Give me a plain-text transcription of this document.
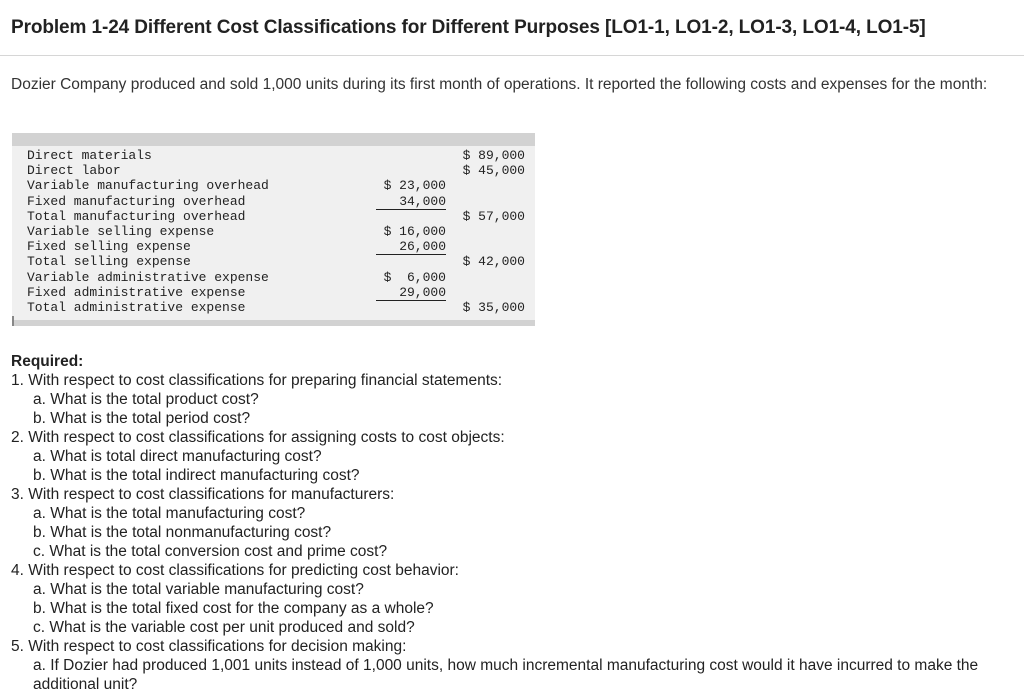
Problem 1-24 Different Cost Classifications for Different Purposes [LO1-1, LO1-2, LO1-3, LO1-4, LO1-5]
Dozier Company produced and sold 1,000 units during its first month of operations. It reported the following costs and expenses for the month:
Direct materials	$ 89,000
Direct labor	$ 45,000
Variable manufacturing overhead	$ 23,000
Fixed manufacturing overhead	34,000
Total manufacturing overhead	$ 57,000
Variable selling expense	$ 16,000
Fixed selling expense	26,000
Total selling expense	$ 42,000
Variable administrative expense	$  6,000
Fixed administrative expense	29,000
Total administrative expense	$ 35,000
Required:
1. With respect to cost classifications for preparing financial statements:
a. What is the total product cost?
b. What is the total period cost?
2. With respect to cost classifications for assigning costs to cost objects:
a. What is total direct manufacturing cost?
b. What is the total indirect manufacturing cost?
3. With respect to cost classifications for manufacturers:
a. What is the total manufacturing cost?
b. What is the total nonmanufacturing cost?
c. What is the total conversion cost and prime cost?
4. With respect to cost classifications for predicting cost behavior:
a. What is the total variable manufacturing cost?
b. What is the total fixed cost for the company as a whole?
c. What is the variable cost per unit produced and sold?
5. With respect to cost classifications for decision making:
a. If Dozier had produced 1,001 units instead of 1,000 units, how much incremental manufacturing cost would it have incurred to make the additional unit?
